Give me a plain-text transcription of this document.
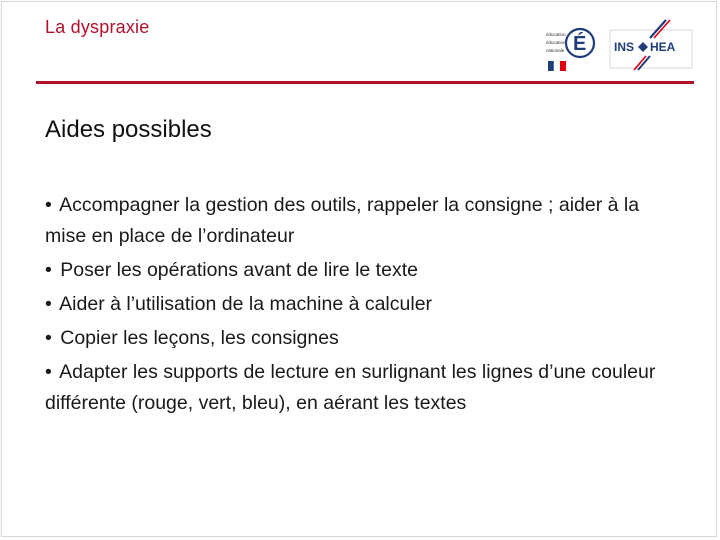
La dyspraxie	éducation
éducation
nationale É INS HEA
Aides possibles
• Accompagner la gestion des outils, rappeler la consigne ; aider à la mise en place de l’ordinateur
• Poser les opérations avant de lire le texte
• Aider à l’utilisation de la machine à calculer
• Copier les leçons, les consignes
• Adapter les supports de lecture en surlignant les lignes d’une couleur différente (rouge, vert, bleu), en aérant les textes
